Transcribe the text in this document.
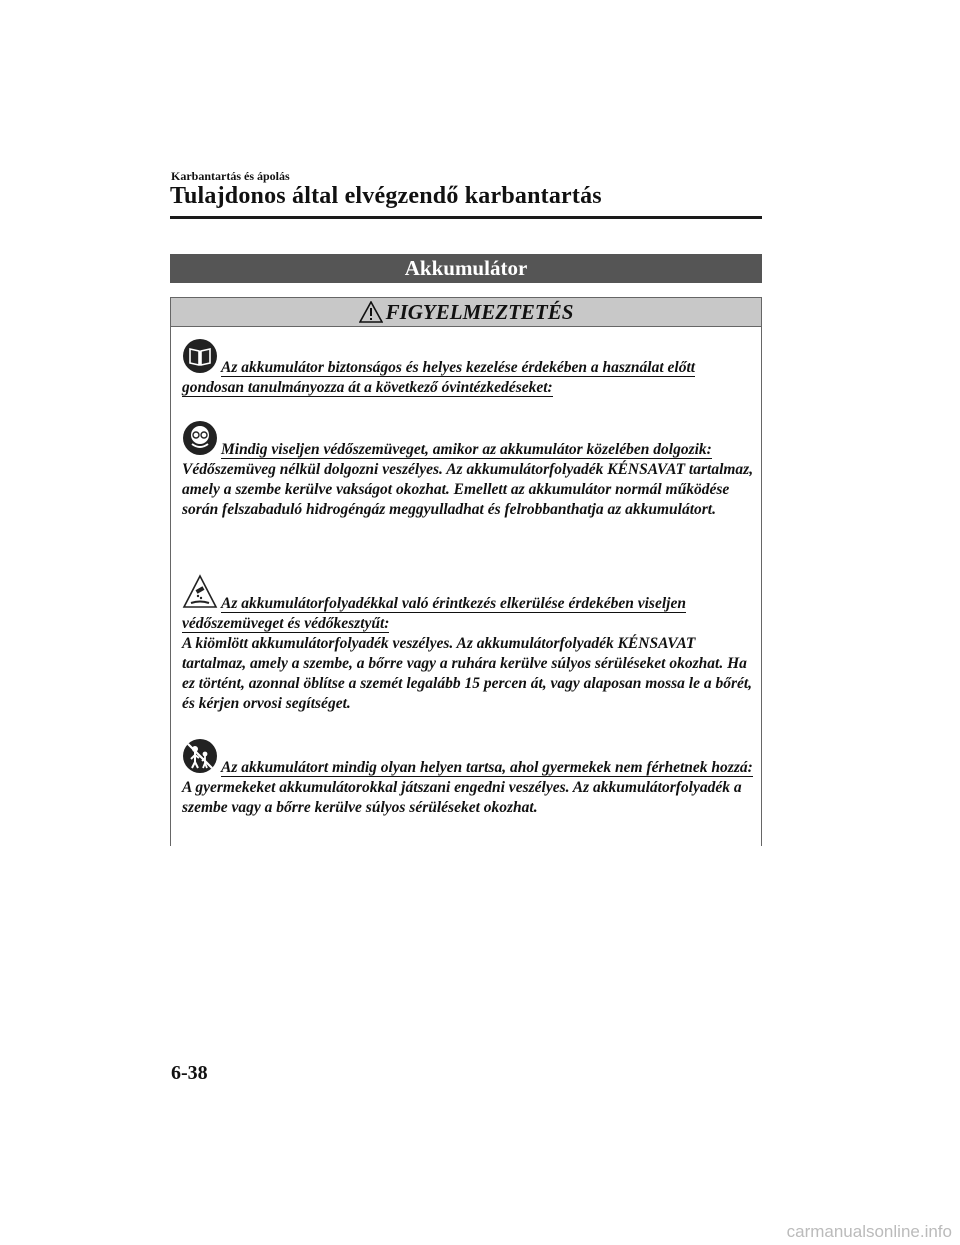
Karbantartás és ápolás
Tulajdonos által elvégzendő karbantartás
Akkumulátor
FIGYELMEZTETÉS
Az akkumulátor biztonságos és helyes kezelése érdekében a használat előtt gondosan tanulmányozza át a következő óvintézkedéseket:
Mindig viseljen védőszemüveget, amikor az akkumulátor közelében dolgozik:
Védőszemüveg nélkül dolgozni veszélyes. Az akkumulátorfolyadék KÉNSAVAT tartalmaz, amely a szembe kerülve vakságot okozhat. Emellett az akkumulátor normál működése során felszabaduló hidrogéngáz meggyulladhat és felrobbanthatja az akkumulátort.
Az akkumulátorfolyadékkal való érintkezés elkerülése érdekében viseljen védőszemüveget és védőkesztyűt:
A kiömlött akkumulátorfolyadék veszélyes. Az akkumulátorfolyadék KÉNSAVAT tartalmaz, amely a szembe, a bőrre vagy a ruhára kerülve súlyos sérüléseket okozhat. Ha ez történt, azonnal öblítse a szemét legalább 15 percen át, vagy alaposan mossa le a bőrét, és kérjen orvosi segítséget.
Az akkumulátort mindig olyan helyen tartsa, ahol gyermekek nem férhetnek hozzá:
A gyermekeket akkumulátorokkal játszani engedni veszélyes. Az akkumulátorfolyadék a szembe vagy a bőrre kerülve súlyos sérüléseket okozhat.
6-38
carmanualsonline.info
